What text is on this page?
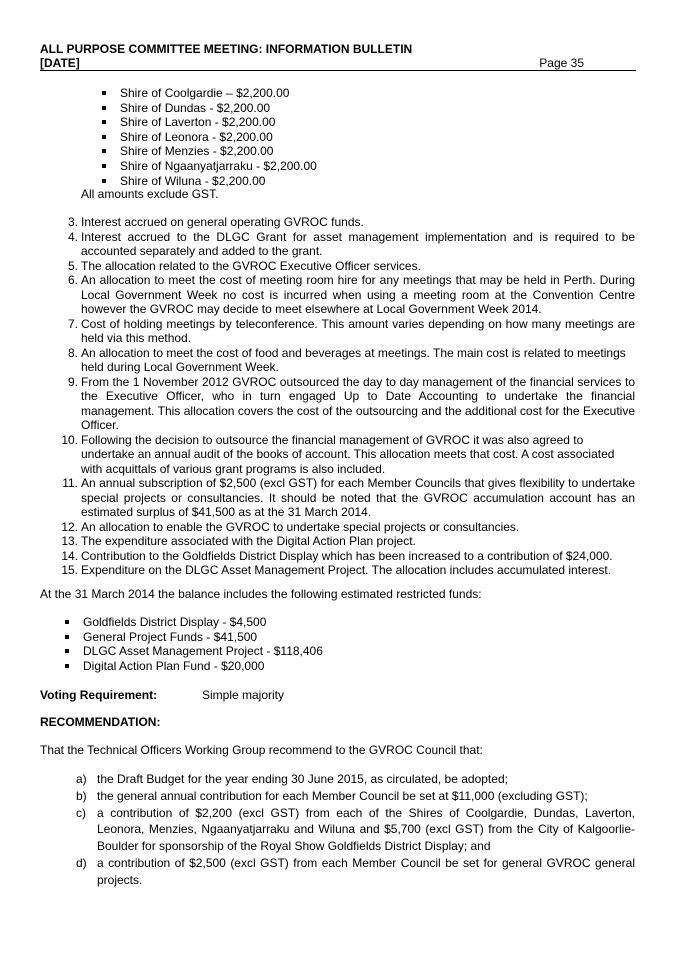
ALL PURPOSE COMMITTEE MEETING: INFORMATION BULLETIN
[DATE]	Page 35
Shire of Coolgardie – $2,200.00
Shire of Dundas - $2,200.00
Shire of Laverton - $2,200.00
Shire of Leonora - $2,200.00
Shire of Menzies - $2,200.00
Shire of Ngaanyatjarraku - $2,200.00
Shire of Wiluna - $2,200.00
All amounts exclude GST.
3. Interest accrued on general operating GVROC funds.
4. Interest accrued to the DLGC Grant for asset management implementation and is required to be accounted separately and added to the grant.
5. The allocation related to the GVROC Executive Officer services.
6. An allocation to meet the cost of meeting room hire for any meetings that may be held in Perth. During Local Government Week no cost is incurred when using a meeting room at the Convention Centre however the GVROC may decide to meet elsewhere at Local Government Week 2014.
7. Cost of holding meetings by teleconference. This amount varies depending on how many meetings are held via this method.
8. An allocation to meet the cost of food and beverages at meetings. The main cost is related to meetings held during Local Government Week.
9. From the 1 November 2012 GVROC outsourced the day to day management of the financial services to the Executive Officer, who in turn engaged Up to Date Accounting to undertake the financial management. This allocation covers the cost of the outsourcing and the additional cost for the Executive Officer.
10. Following the decision to outsource the financial management of GVROC it was also agreed to undertake an annual audit of the books of account. This allocation meets that cost. A cost associated with acquittals of various grant programs is also included.
11. An annual subscription of $2,500 (excl GST) for each Member Councils that gives flexibility to undertake special projects or consultancies. It should be noted that the GVROC accumulation account has an estimated surplus of $41,500 as at the 31 March 2014.
12. An allocation to enable the GVROC to undertake special projects or consultancies.
13. The expenditure associated with the Digital Action Plan project.
14. Contribution to the Goldfields District Display which has been increased to a contribution of $24,000.
15. Expenditure on the DLGC Asset Management Project. The allocation includes accumulated interest.
At the 31 March 2014 the balance includes the following estimated restricted funds:
Goldfields District Display - $4,500
General Project Funds - $41,500
DLGC Asset Management Project - $118,406
Digital Action Plan Fund - $20,000
Voting Requirement:	Simple majority
RECOMMENDATION:
That the Technical Officers Working Group recommend to the GVROC Council that:
a) the Draft Budget for the year ending 30 June 2015, as circulated, be adopted;
b) the general annual contribution for each Member Council be set at $11,000 (excluding GST);
c) a contribution of $2,200 (excl GST) from each of the Shires of Coolgardie, Dundas, Laverton, Leonora, Menzies, Ngaanyatjarraku and Wiluna and $5,700 (excl GST) from the City of Kalgoorlie-Boulder for sponsorship of the Royal Show Goldfields District Display; and
d) a contribution of $2,500 (excl GST) from each Member Council be set for general GVROC general projects.
